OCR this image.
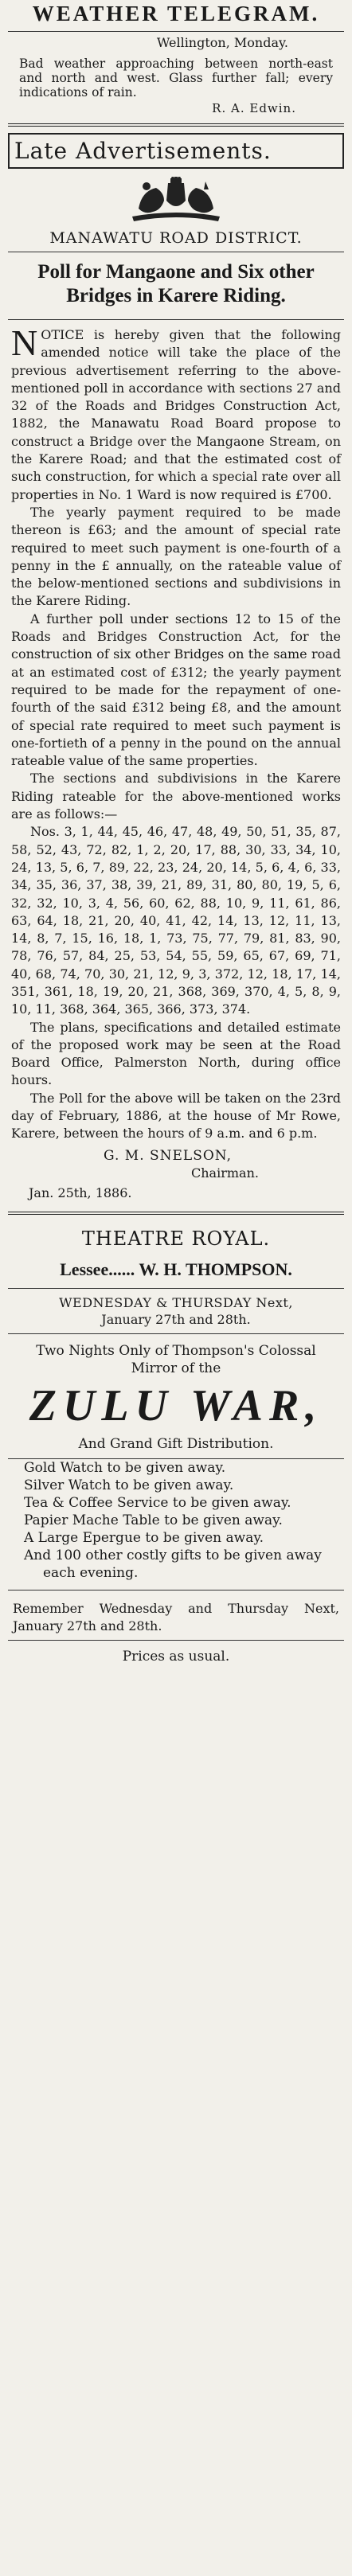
WEATHER TELEGRAM.
Wellington, Monday.
Bad weather approaching between north-east and north and west. Glass further fall; every indications of rain.
R. A. Edwin.
Late Advertisements.
MANAWATU ROAD DISTRICT.
Poll for Mangaone and Six other Bridges in Karere Riding.

NOTICE is hereby given that the following amended notice will take the place of the previous advertisement referring to the above-mentioned poll in accordance with sections 27 and 32 of the Roads and Bridges Construction Act, 1882, the Manawatu Road Board propose to construct a Bridge over the Mangaone Stream, on the Karere Road; and that the estimated cost of such construction, for which a special rate over all properties in No. 1 Ward is now required is £700.

The yearly payment required to be made thereon is £63; and the amount of special rate required to meet such payment is one-fourth of a penny in the £ annually, on the rateable value of the below-mentioned sections and subdivisions in the Karere Riding.

A further poll under sections 12 to 15 of the Roads and Bridges Construction Act, for the construction of six other Bridges on the same road at an estimated cost of £312; the yearly payment required to be made for the repayment of one-fourth of the said £312 being £8, and the amount of special rate required to meet such payment is one-fortieth of a penny in the pound on the annual rateable value of the same properties.

The sections and subdivisions in the Karere Riding rateable for the above-mentioned works are as follows:—

Nos. 3, 1, 44, 45, 46, 47, 48, 49, 50, 51, 35, 87, 58, 52, 43, 72, 82, 1, 2, 20, 17, 88, 30, 33, 34, 10, 24, 13, 5, 6, 7, 89, 22, 23, 24, 20, 14, 5, 6, 4, 6, 33, 34, 35, 36, 37, 38, 39, 21, 89, 31, 80, 80, 19, 5, 6, 32, 32, 10, 3, 4, 56, 60, 62, 88, 10, 9, 11, 61, 86, 63, 64, 18, 21, 20, 40, 41, 42, 14, 13, 12, 11, 13, 14, 8, 7, 15, 16, 18, 1, 73, 75, 77, 79, 81, 83, 90, 78, 76, 57, 84, 25, 53, 54, 55, 59, 65, 67, 69, 71, 40, 68, 74, 70, 30, 21, 12, 9, 3, 372, 12, 18, 17, 14, 351, 361, 18, 19, 20, 21, 368, 369, 370, 4, 5, 8, 9, 10, 11, 368, 364, 365, 366, 373, 374.

The plans, specifications and detailed estimate of the proposed work may be seen at the Road Board Office, Palmerston North, during office hours.

The Poll for the above will be taken on the 23rd day of February, 1886, at the house of Mr Rowe, Karere, between the hours of 9 a.m. and 6 p.m.

G. M. SNELSON,
Chairman.
Jan. 25th, 1886.
THEATRE ROYAL.
Lessee...... W. H. THOMPSON.
WEDNESDAY & THURSDAY Next,
January 27th and 28th.
Two Nights Only of Thompson's Colossal Mirror of the
ZULU WAR,
And Grand Gift Distribution.

Gold Watch to be given away.

Silver Watch to be given away.

Tea & Coffee Service to be given away.

Papier Mache Table to be given away.

A Large Epergue to be given away.

And 100 other costly gifts to be given away each evening.

Remember Wednesday and Thursday Next, January 27th and 28th.
Prices as usual.
